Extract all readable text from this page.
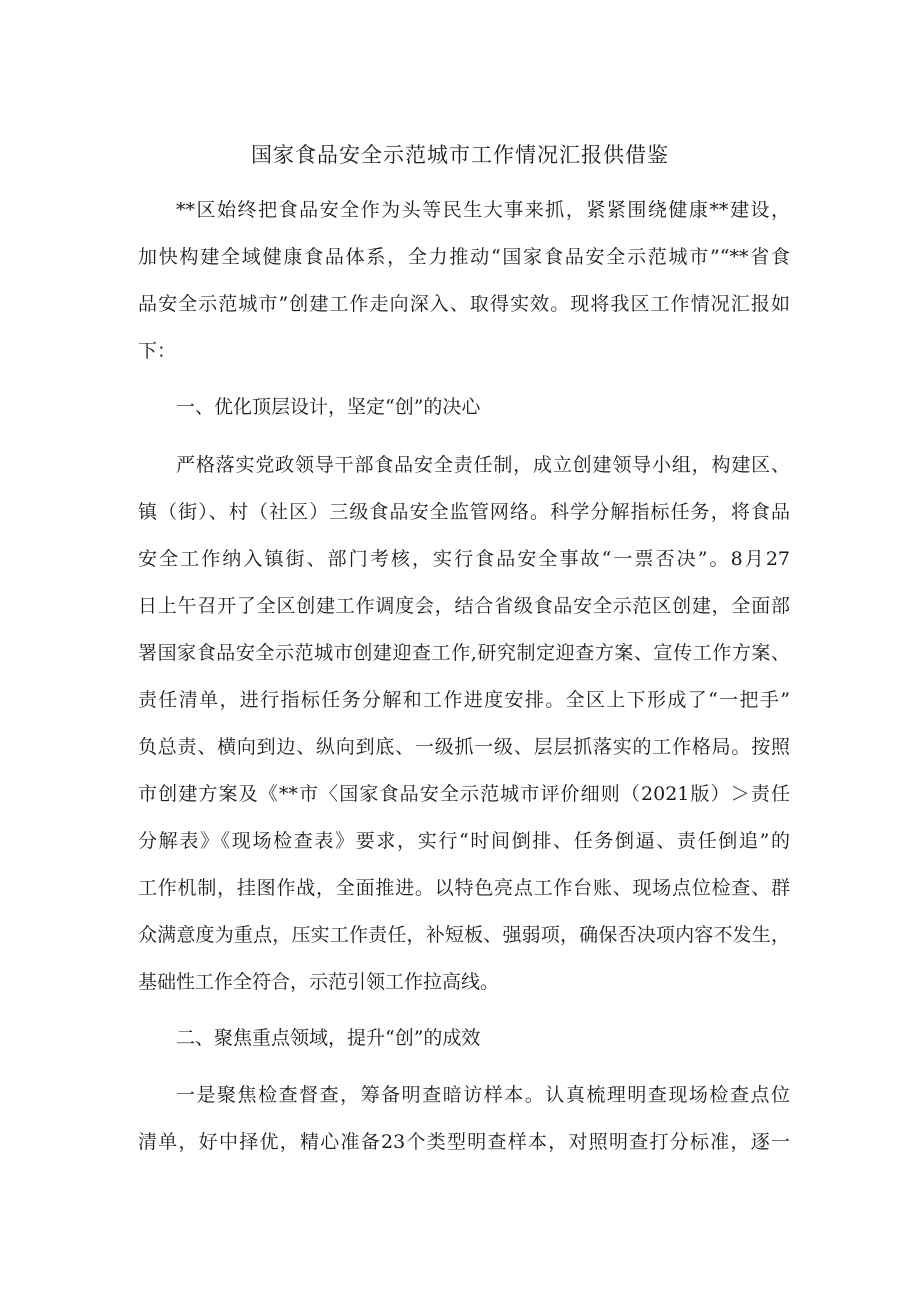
国家食品安全示范城市工作情况汇报供借鉴
**区始终把食品安全作为头等民生大事来抓，紧紧围绕健康**建设，
加快构建全域健康食品体系，全力推动“国家食品安全示范城市”“**省食
品安全示范城市”创建工作走向深入、取得实效。现将我区工作情况汇报如
下：
一、优化顶层设计，坚定“创”的决心
严格落实党政领导干部食品安全责任制，成立创建领导小组，构建区、
镇（街）、村（社区）三级食品安全监管网络。科学分解指标任务，将食品
安全工作纳入镇街、部门考核，实行食品安全事故“一票否决”。8月27
日上午召开了全区创建工作调度会，结合省级食品安全示范区创建，全面部
署国家食品安全示范城市创建迎查工作,研究制定迎查方案、宣传工作方案、
责任清单，进行指标任务分解和工作进度安排。全区上下形成了“一把手”
负总责、横向到边、纵向到底、一级抓一级、层层抓落实的工作格局。按照
市创建方案及《**市〈国家食品安全示范城市评价细则（2021版）＞责任
分解表》《现场检查表》要求，实行“时间倒排、任务倒逼、责任倒追”的
工作机制，挂图作战，全面推进。以特色亮点工作台账、现场点位检查、群
众满意度为重点，压实工作责任，补短板、强弱项，确保否决项内容不发生，
基础性工作全符合，示范引领工作拉高线。
二、聚焦重点领域，提升“创”的成效
一是聚焦检查督查，筹备明查暗访样本。认真梳理明查现场检查点位
清单，好中择优，精心准备23个类型明查样本，对照明查打分标准，逐一
